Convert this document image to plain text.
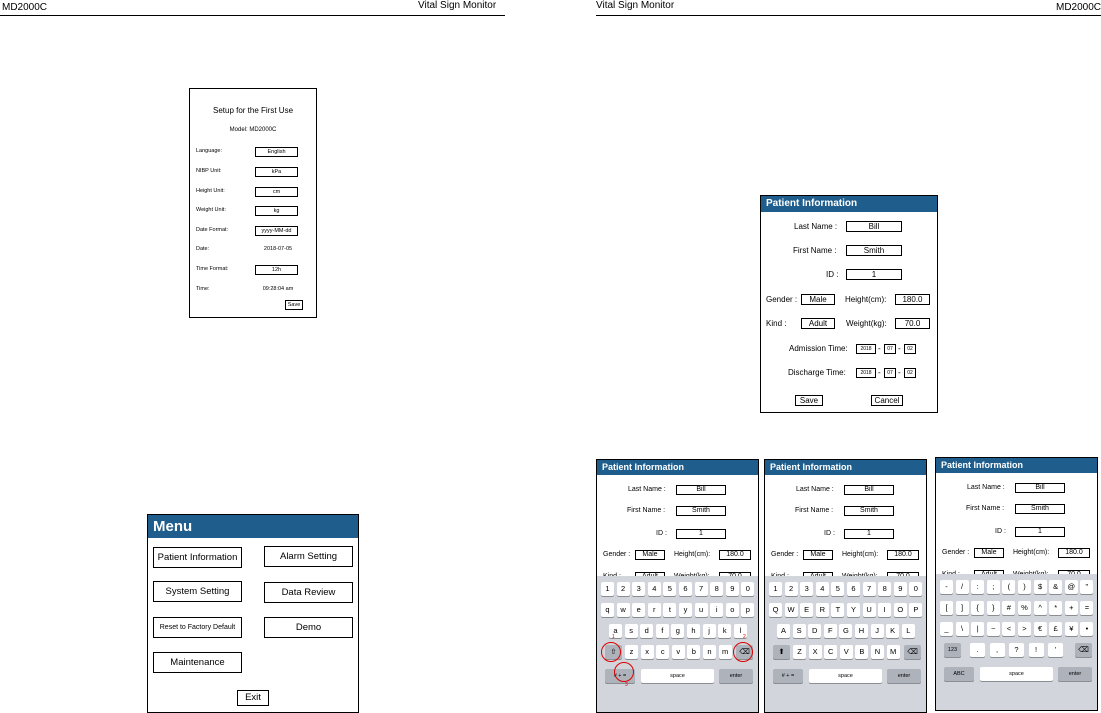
MD2000C	Vital Sign Monitor	Vital Sign Monitor	MD2000C
Setup for the First Use
Model: MD2000C
Save
Language:	English
NIBP Unit:	kPa
Height Unit:	cm
Weight Unit:	kg
Date Format:	yyyy-MM-dd
Date:	2018-07-05
Time Format:	12h
Time:	09:28:04 am
Menu
Patient Information	Alarm Setting
System Setting	Data Review
Reset to Factory Default	Demo
Maintenance
Exit
Patient Information
Last Name :	Bill
First Name :	Smith
ID :	1
Gender :	Male	Height(cm):	180.0
Kind :	Adult	Weight(kg):	70.0
Admission Time:	2018 -	07 -	02
Discharge Time:	2018 -	07 -	02
Save	Cancel
Patient Information
Last Name :	Bill
First Name :	Smith
ID :	1
Gender :	Male	Height(cm):	180.0
1	2	3	4	5	6	7	8	9	0
q	w	e	r	t	y	u	i	o	p
a	s	d	f	g	h	j	k	l
⇧	z	x	c	v	b	n	m	⌫
# + =	space	enter
1	2
3
Patient Information
Last Name :	Bill
First Name :	Smith
ID :	1
Gender :	Male	Height(cm):	180.0
1	2	3	4	5	6	7	8	9	0
Q	W	E	R	T	Y	U	I	O	P
A	S	D	F	G	H	J	K	L
⬆	Z	X	C	V	B	N	M	⌫
# + =	space	enter
Patient Information
Last Name :	Bill
First Name :	Smith
ID :	1
Gender :	Male	Height(cm):	180.0
-	/	:	;	(	)	$	&	@	"
[	]	{	}	#	%	^	*	+	=
_	\	|	~	<	>	€	£	¥	•
123	.	,	?	!	'	⌫
ABC	space	enter
